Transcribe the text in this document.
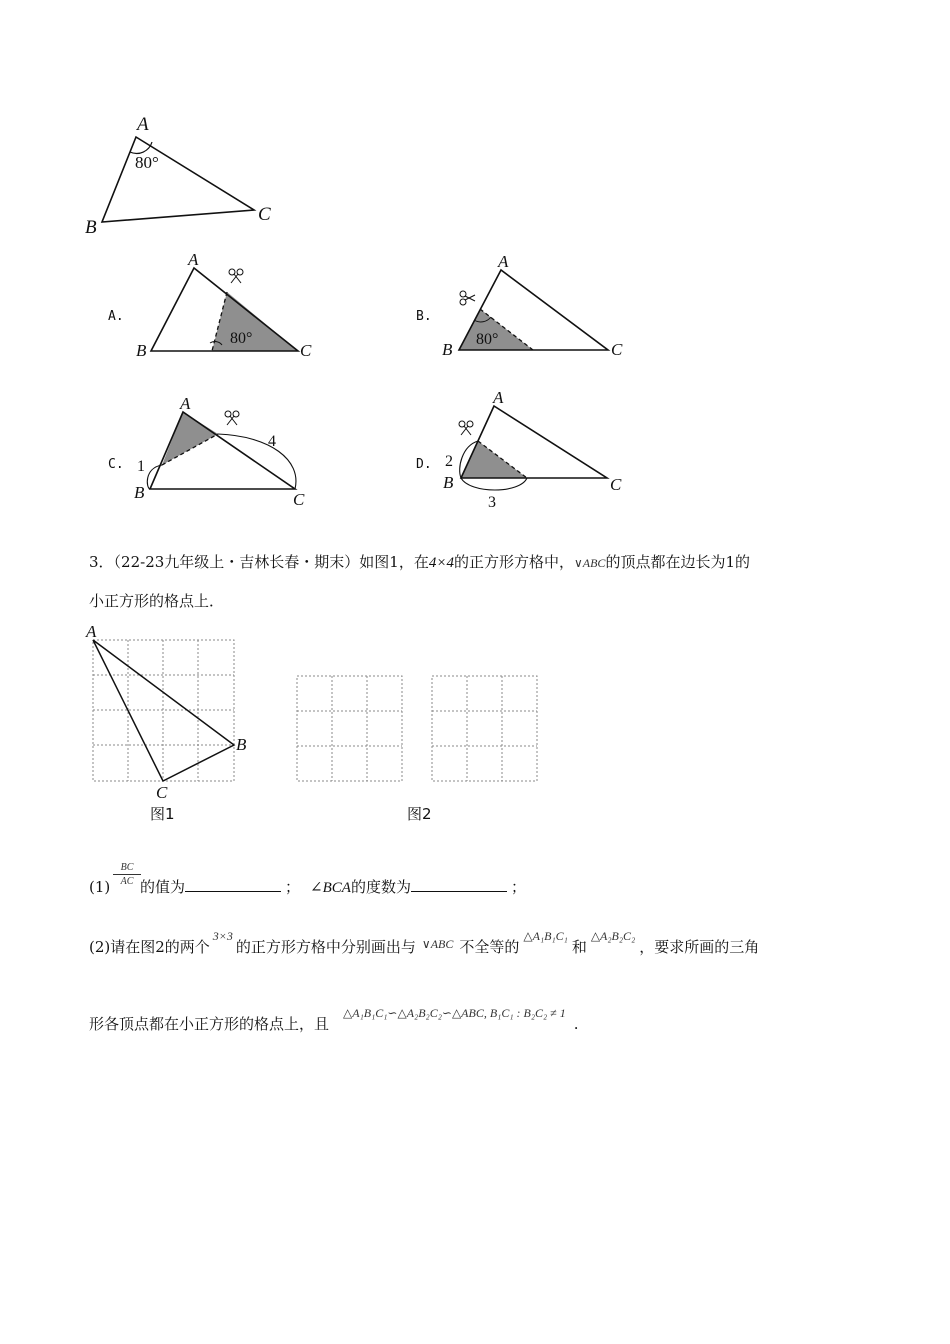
A
B
C
80°
A.
A
B	C
80°
B.
A
B	C
80°
C.
A
B	C
1
4
D.
A
B	C
2
3
A
B
C
图1	图2
3．（22-23九年级上・吉林长春・期末）如图1，在4×4的正方形方格中，∨ABC的顶点都在边长为1的
小正方形的格点上．
(1)
BC
AC 的值为	； ∠BCA的度数为	；
(2)请在图2的两个$^{3\times 3}$的正方形方格中分别画出与 $^{\vee ABC}$ 不全等的$^{\triangle A_1B_1C_1}$和$^{\triangle A_2B_2C_2}$，要求所画的三角
形各顶点都在小正方形的格点上，且$^{\triangle A_1B_1C_1∽\triangle A_2B_2C_2∽\triangle ABC, B_1C_1 : B_2C_2 \ne 1}$.
